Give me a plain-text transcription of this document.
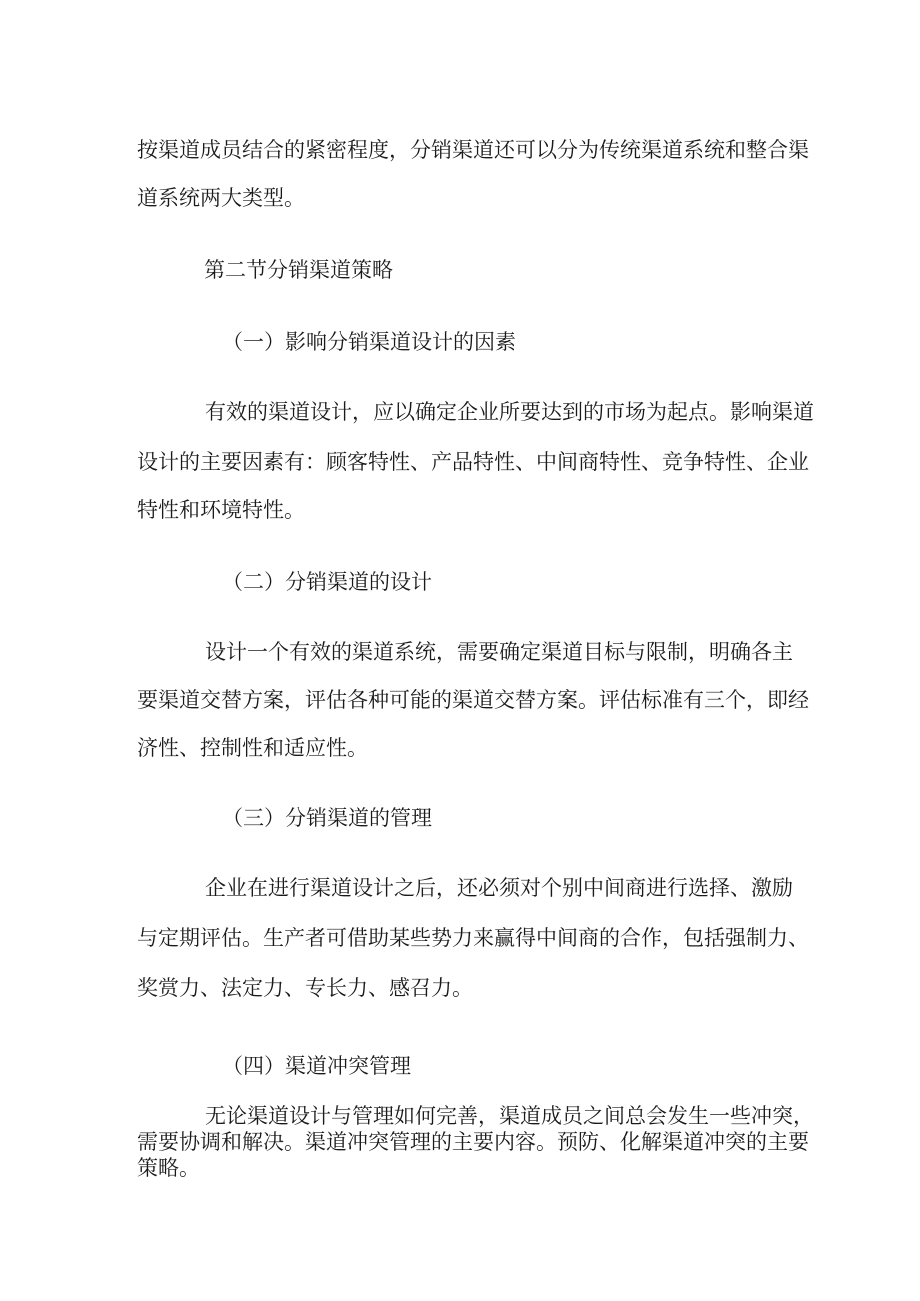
按渠道成员结合的紧密程度，分销渠道还可以分为传统渠道系统和整合渠
道系统两大类型。
第二节分销渠道策略
（一）影响分销渠道设计的因素
有效的渠道设计，应以确定企业所要达到的市场为起点。影响渠道
设计的主要因素有：顾客特性、产品特性、中间商特性、竞争特性、企业
特性和环境特性。
（二）分销渠道的设计
设计一个有效的渠道系统，需要确定渠道目标与限制，明确各主
要渠道交替方案，评估各种可能的渠道交替方案。评估标准有三个，即经
济性、控制性和适应性。
（三）分销渠道的管理
企业在进行渠道设计之后，还必须对个别中间商进行选择、激励
与定期评估。生产者可借助某些势力来赢得中间商的合作，包括强制力、
奖赏力、法定力、专长力、感召力。
（四）渠道冲突管理
无论渠道设计与管理如何完善，渠道成员之间总会发生一些冲突，
需要协调和解决。渠道冲突管理的主要内容。预防、化解渠道冲突的主要
策略。
